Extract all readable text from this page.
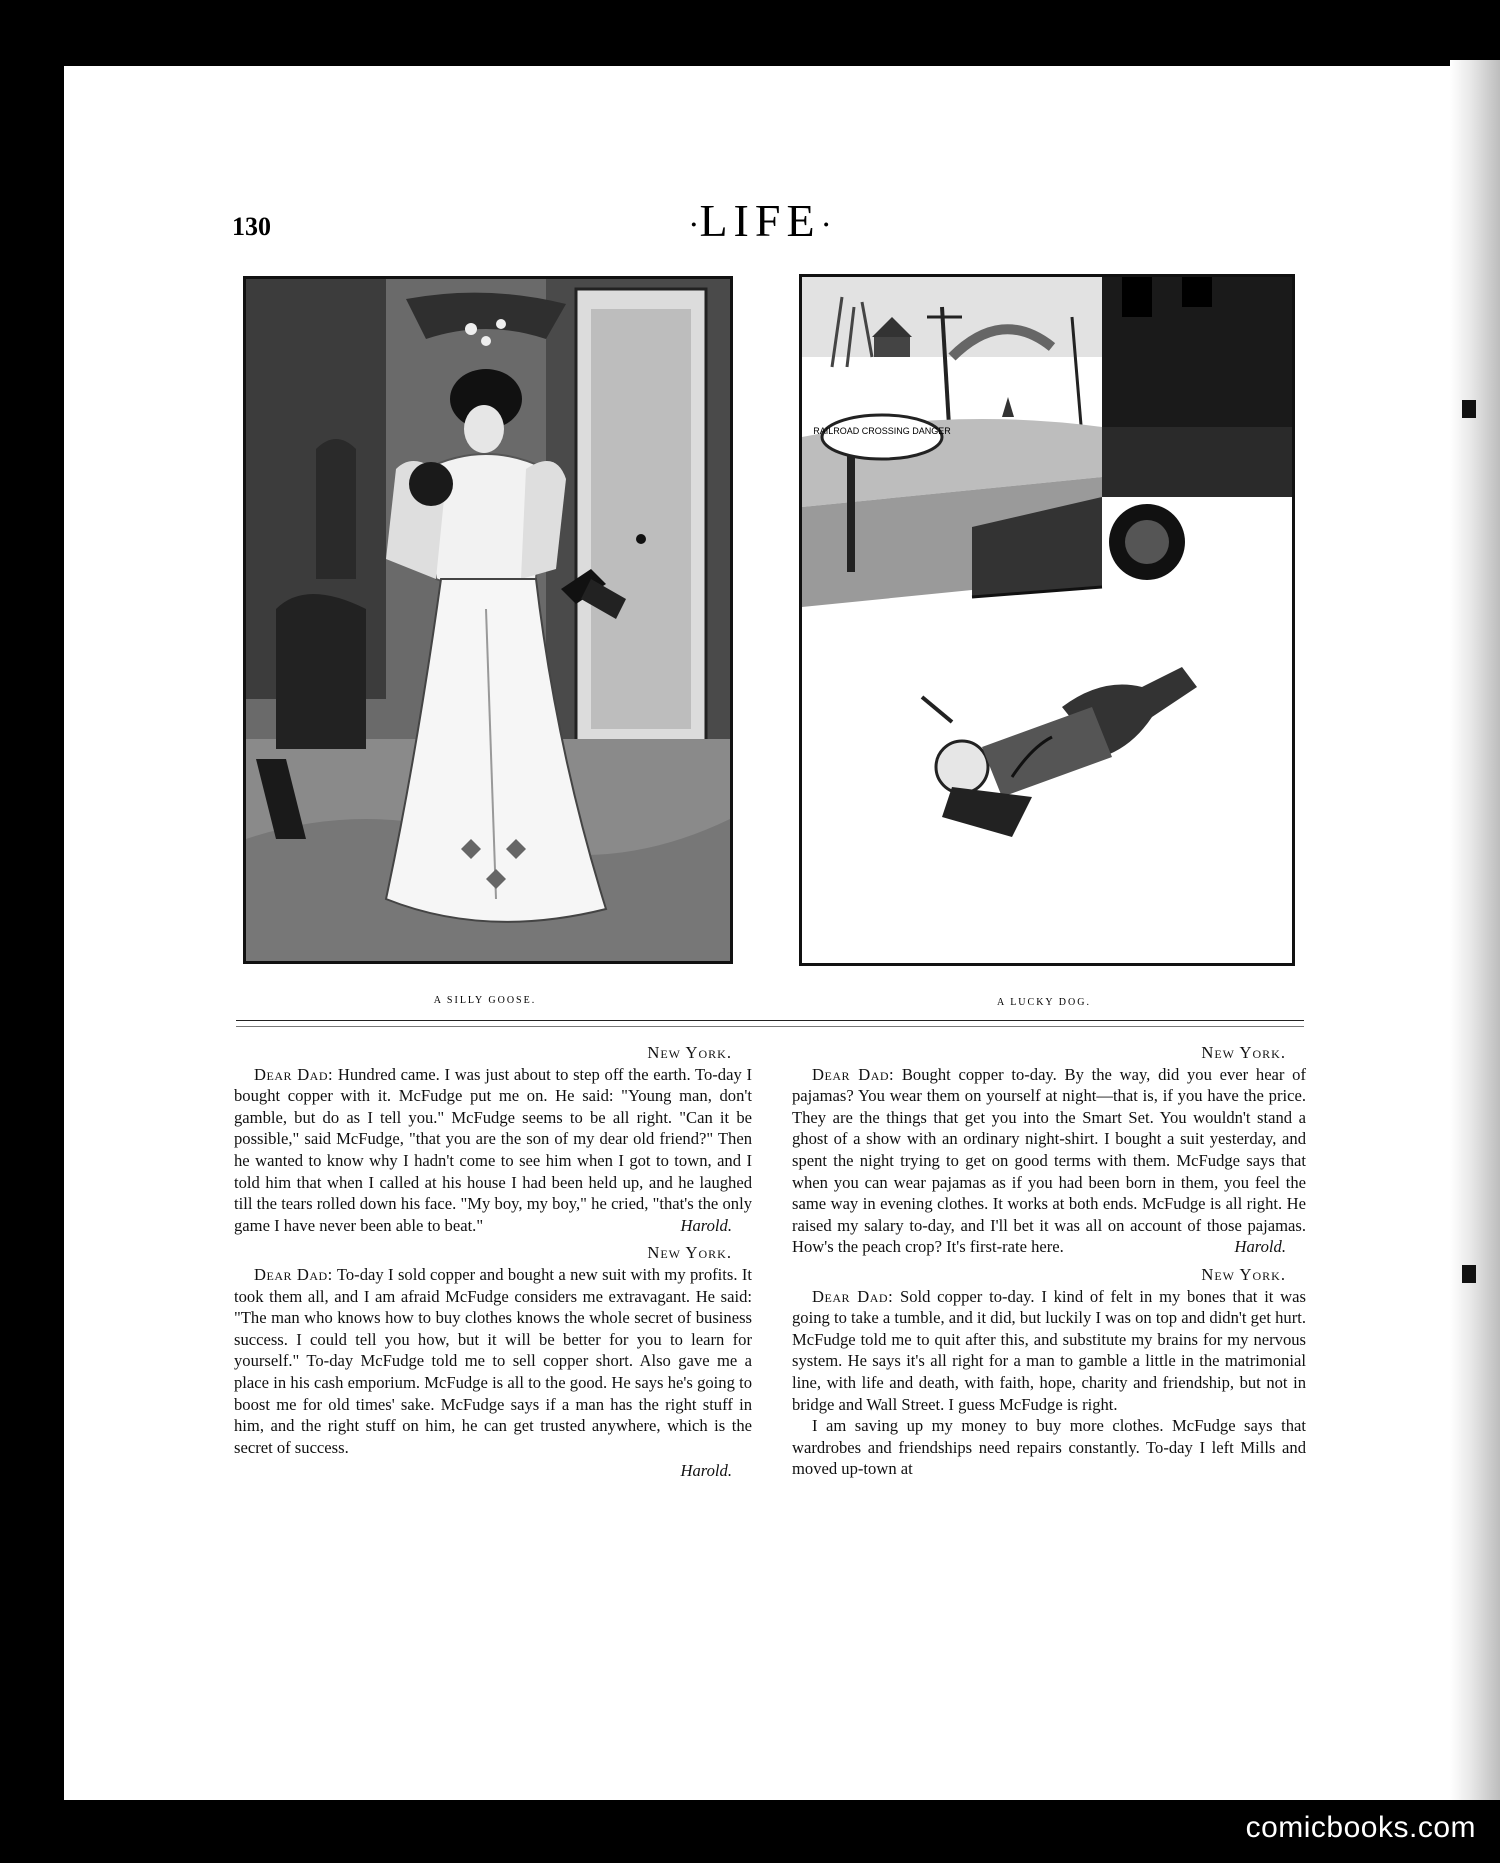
130	·LIFE·
A SILLY GOOSE.
RAILROAD CROSSING DANGER
A LUCKY DOG.

New York.

Dear Dad: Hundred came. I was just about to step off the earth. To-day I bought copper with it. McFudge put me on. He said: "Young man, don't gamble, but do as I tell you." McFudge seems to be all right. "Can it be possible," said McFudge, "that you are the son of my dear old friend?" Then he wanted to know why I hadn't come to see him when I got to town, and I told him that when I called at his house I had been held up, and he laughed till the tears rolled down his face. "My boy, my boy," he cried, "that's the only game I have never been able to beat."	Harold.

New York.

Dear Dad: To-day I sold copper and bought a new suit with my profits. It took them all, and I am afraid McFudge considers me extravagant. He said: "The man who knows how to buy clothes knows the whole secret of business success. I could tell you how, but it will be better for you to learn for yourself." To-day McFudge told me to sell copper short. Also gave me a place in his cash emporium. McFudge is all to the good. He says he's going to boost me for old times' sake. McFudge says if a man has the right stuff in him, and the right stuff on him, he can get trusted anywhere, which is the secret of success.

Harold.

New York.

Dear Dad: Bought copper to-day. By the way, did you ever hear of pajamas? You wear them on yourself at night—that is, if you have the price. They are the things that get you into the Smart Set. You wouldn't stand a ghost of a show with an ordinary night-shirt. I bought a suit yesterday, and spent the night trying to get on good terms with them. McFudge says that when you can wear pajamas as if you had been born in them, you feel the same way in evening clothes. It works at both ends. McFudge is all right. He raised my salary to-day, and I'll bet it was all on account of those pajamas. How's the peach crop? It's first-rate here.	Harold.

New York.

Dear Dad: Sold copper to-day. I kind of felt in my bones that it was going to take a tumble, and it did, but luckily I was on top and didn't get hurt. McFudge told me to quit after this, and substitute my brains for my nervous system. He says it's all right for a man to gamble a little in the matrimonial line, with life and death, with faith, hope, charity and friendship, but not in bridge and Wall Street. I guess McFudge is right.

I am saving up my money to buy more clothes. McFudge says that wardrobes and friendships need repairs constantly. To-day I left Mills and moved up-town at

comicbooks.com
